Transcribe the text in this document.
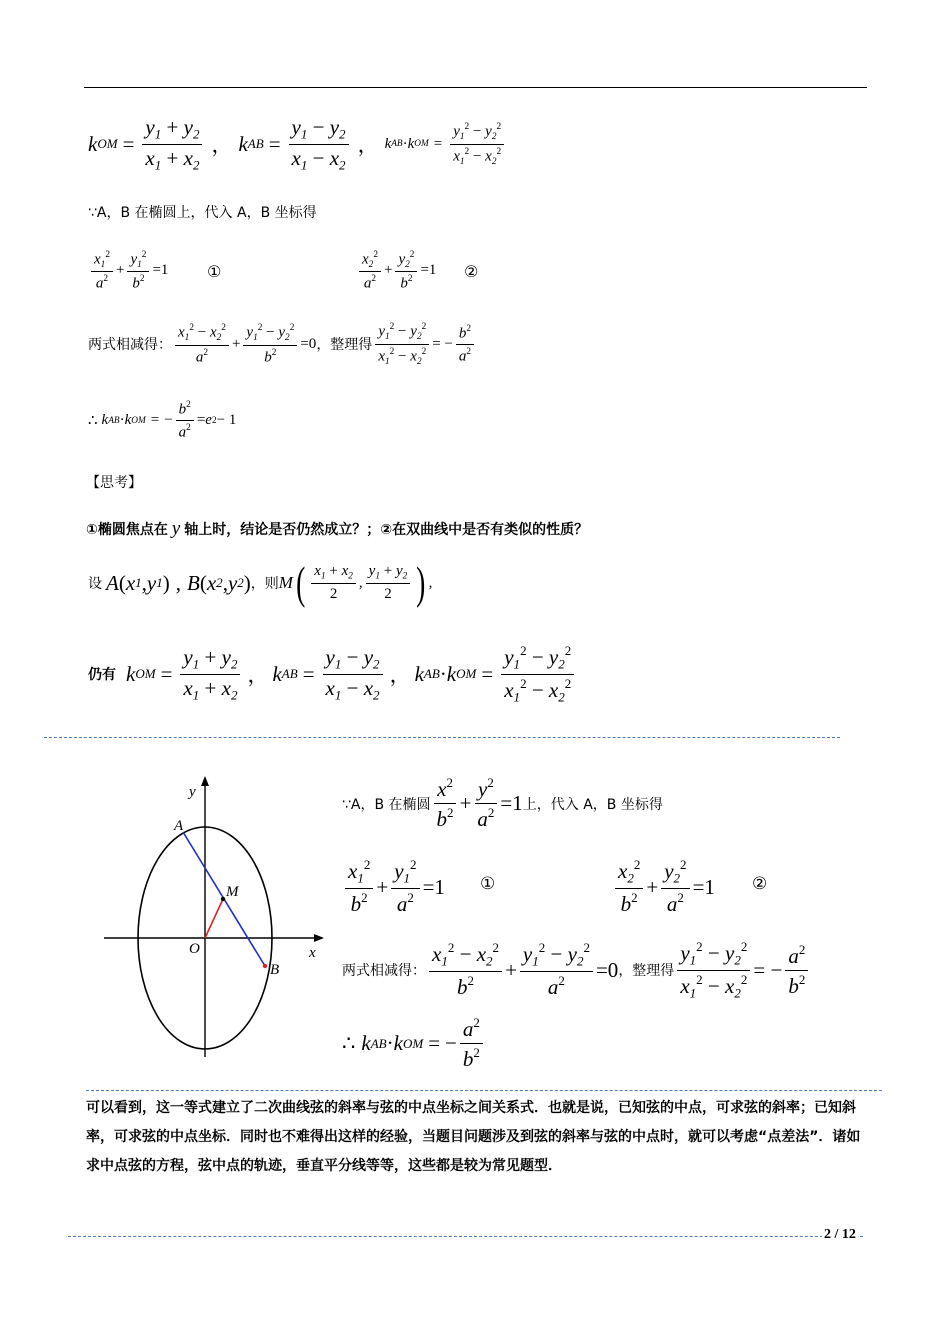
k OM = $\frac{y_1 + y_2}{x_1 + x_2}$ ， k AB = $\frac{y_1 - y_2}{x_1 - x_2}$ ， k AB · k OM = $\frac{y_1^2 - y_2^2}{x_1^2 - x_2^2}$
∵A，B 在椭圆上，代入 A，B 坐标得
$\frac{x_1^2}{a^2} + \frac{y_1^2}{b^2} =1$ ①	$\frac{x_2^2}{a^2} + \frac{y_2^2}{b^2} =1$ ②
两式相减得： $\frac{x_1^2 - x_2^2}{a^2} + \frac{y_1^2 - y_2^2}{b^2} =0$ ，整理得 $\frac{y_1^2 - y_2^2}{x_1^2 - x_2^2}$ = − $\frac{b^2}{a^2}$
∴ k AB · k OM = − $\frac{b^2}{a^2} = e$ 2 − 1
【思考】
①椭圆焦点在 y 轴上时，结论是否仍然成立？；②在双曲线中是否有类似的性质？
设 A ( x 1 , y 1 ) , B ( x 2 , y 2 ) ，则 M ( $\frac{x_1 + x_2}{2}$ , $\frac{y_1 + y_2}{2}$ ) ,
仍有 k OM = $\frac{y_1 + y_2}{x_1 + x_2}$ ， k AB = $\frac{y_1 - y_2}{x_1 - x_2}$ ， k AB · k OM = $\frac{y_1^2 - y_2^2}{x_1^2 - x_2^2}$
y
x
A
B
M
O
∵A，B 在椭圆 $\frac{x^2}{b^2} + \frac{y^2}{a^2} =1$ 上，代入 A，B 坐标得
$\frac{x_1^2}{b^2} + \frac{y_1^2}{a^2} =1$ ①	$\frac{x_2^2}{b^2} + \frac{y_2^2}{a^2} =1$ ②
两式相减得： $\frac{x_1^2 - x_2^2}{b^2} + \frac{y_1^2 - y_2^2}{a^2} =0$ ，整理得 $\frac{y_1^2 - y_2^2}{x_1^2 - x_2^2}$ = − $\frac{a^2}{b^2}$
∴ k AB · k OM = − $\frac{a^2}{b^2}$
可以看到，这一等式建立了二次曲线弦的斜率与弦的中点坐标之间关系式．也就是说，已知弦的中点，可求弦的斜率；已知斜率，可求弦的中点坐标．同时也不难得出这样的经验，当题目问题涉及到弦的斜率与弦的中点时，就可以考虑“点差法”．诸如求中点弦的方程，弦中点的轨迹，垂直平分线等等，这些都是较为常见题型．
2 / 12
